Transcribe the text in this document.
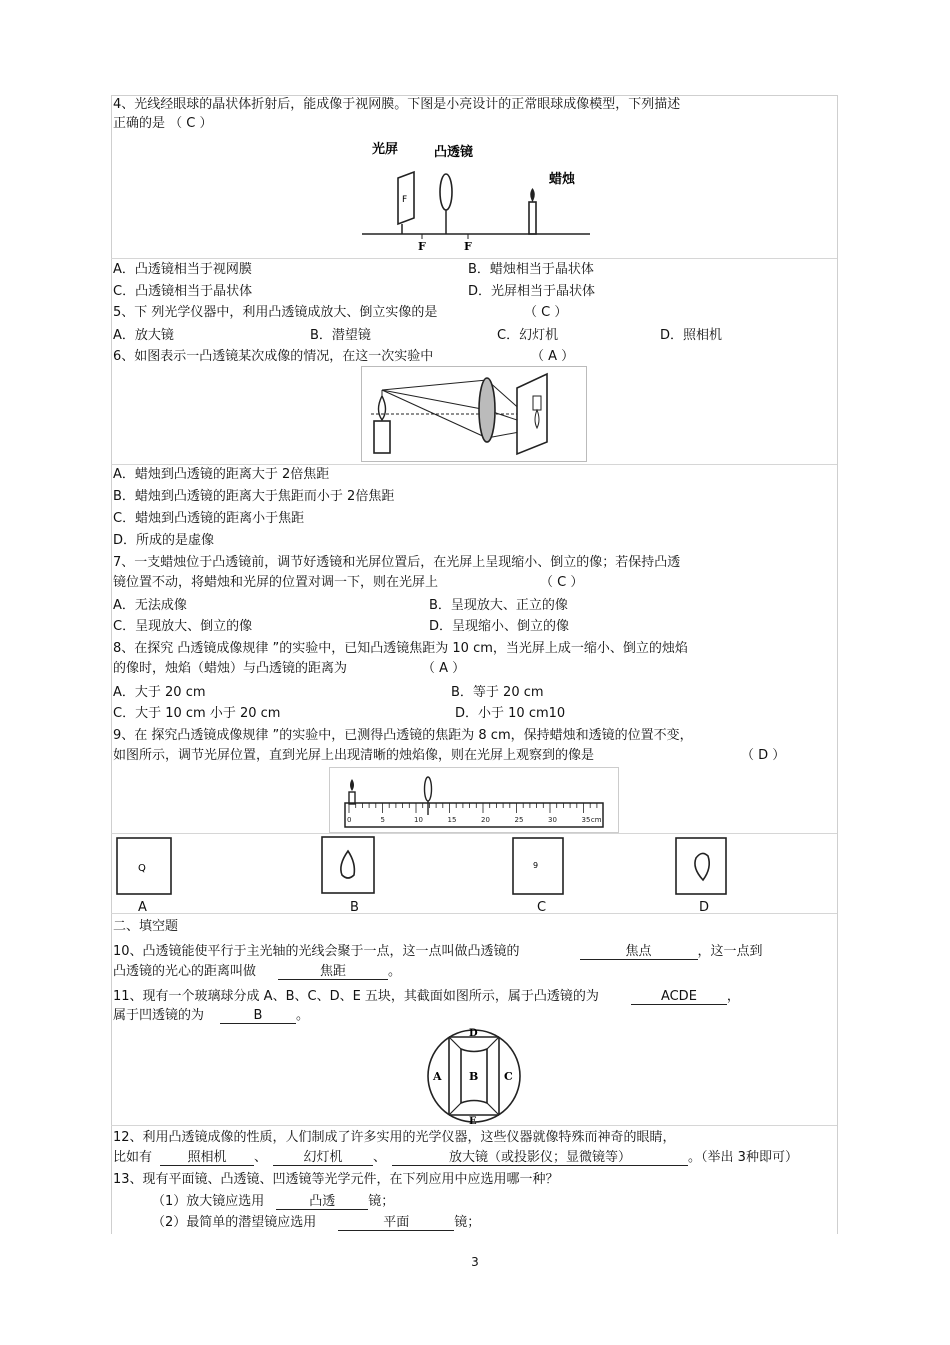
4、光线经眼球的晶状体折射后，能成像于视网膜。下图是小亮设计的正常眼球成像模型，下列描述
正确的是 （ C ）
F
光屏	凸透镜
蜡烛
F	F
A．凸透镜相当于视网膜	B．蜡烛相当于晶状体
C．凸透镜相当于晶状体	D．光屏相当于晶状体
5、下 列光学仪器中，利用凸透镜成放大、倒立实像的是	（ C ）
A．放大镜	B．潜望镜	C．幻灯机	D．照相机
6、如图表示一凸透镜某次成像的情况，在这一次实验中	（ A ）
A．蜡烛到凸透镜的距离大于 2倍焦距
B．蜡烛到凸透镜的距离大于焦距而小于 2倍焦距
C．蜡烛到凸透镜的距离小于焦距
D．所成的是虚像
7、一支蜡烛位于凸透镜前，调节好透镜和光屏位置后，在光屏上呈现缩小、倒立的像；若保持凸透
镜位置不动，将蜡烛和光屏的位置对调一下，则在光屏上	（ C ）
A．无法成像	B．呈现放大、正立的像
C．呈现放大、倒立的像	D．呈现缩小、倒立的像
8、在探究 凸透镜成像规律 ”的实验中，已知凸透镜焦距为 10 cm，当光屏上成一缩小、倒立的烛焰
的像时，烛焰（蜡烛）与凸透镜的距离为	（ A ）
A．大于 20 cm	B．等于 20 cm
C．大于 10 cm 小于 20 cm	D．小于 10 cm10
9、在 探究凸透镜成像规律 ”的实验中，已测得凸透镜的焦距为 8 cm，保持蜡烛和透镜的位置不变，
如图所示，调节光屏位置，直到光屏上出现清晰的烛焰像，则在光屏上观察到的像是	（ D ）
0	5	10	15	20	25	30	35 cm
Q	9
A	B	C	D
二、填空题
10、凸透镜能使平行于主光轴的光线会聚于一点，这一点叫做凸透镜的	焦点	，这一点到
凸透镜的光心的距离叫做	焦距	。
11、现有一个玻璃球分成 A、B、C、D、E 五块，其截面如图所示，属于凸透镜的为	ACDE ，
属于凹透镜的为	B	。
A B C
D
E
12、利用凸透镜成像的性质，人们制成了许多实用的光学仪器，这些仪器就像特殊而神奇的眼睛，
比如有	照相机 、	幻灯机 、	放大镜（或投影仪；显微镜等）	。（举出 3种即可）
13、现有平面镜、凸透镜、凹透镜等光学元件，在下列应用中应选用哪一种？
（1）放大镜应选用	凸透	镜；
（2）最简单的潜望镜应选用	平面	镜；
3
